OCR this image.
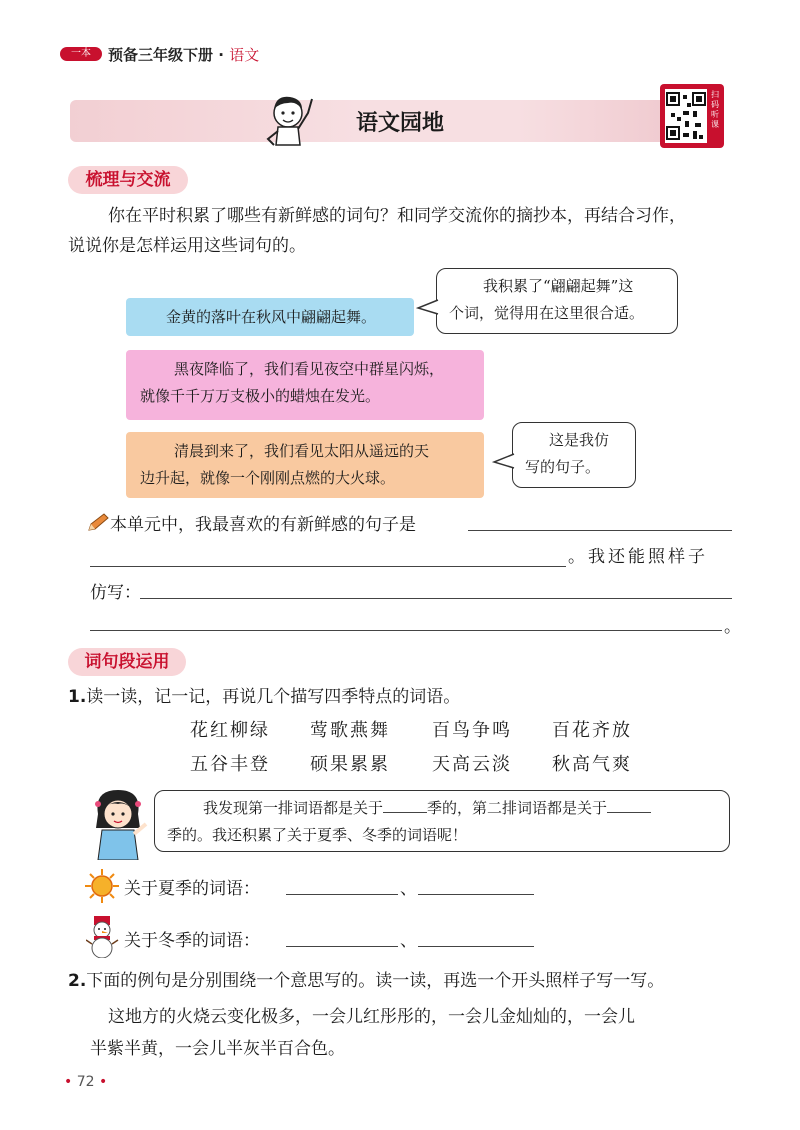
一本	预备三年级下册 · 语文
语文园地
扫码听课
梳理与交流
你在平时积累了哪些有新鲜感的词句？和同学交流你的摘抄本，再结合习作，
说说你是怎样运用这些词句的。
金黄的落叶在秋风中翩翩起舞。
我积累了“翩翩起舞”这
个词，觉得用在这里很合适。
黑夜降临了，我们看见夜空中群星闪烁，
就像千千万万支极小的蜡烛在发光。
清晨到来了，我们看见太阳从遥远的天
边升起，就像一个刚刚点燃的大火球。
这是我仿
写的句子。
本单元中，我最喜欢的有新鲜感的句子是
。我还能照样子
仿写：
。
词句段运用
1.读一读，记一记，再说几个描写四季特点的词语。
花红柳绿 莺歌燕舞 百鸟争鸣 百花齐放
五谷丰登 硕果累累 天高云淡 秋高气爽
我发现第一排词语都是关于	季的，第二排词语都是关于
季的。我还积累了关于夏季、冬季的词语呢！
关于夏季的词语：	、
关于冬季的词语：	、
2.下面的例句是分别围绕一个意思写的。读一读，再选一个开头照样子写一写。
这地方的火烧云变化极多，一会儿红彤彤的，一会儿金灿灿的，一会儿
半紫半黄，一会儿半灰半百合色。
• 72 •
